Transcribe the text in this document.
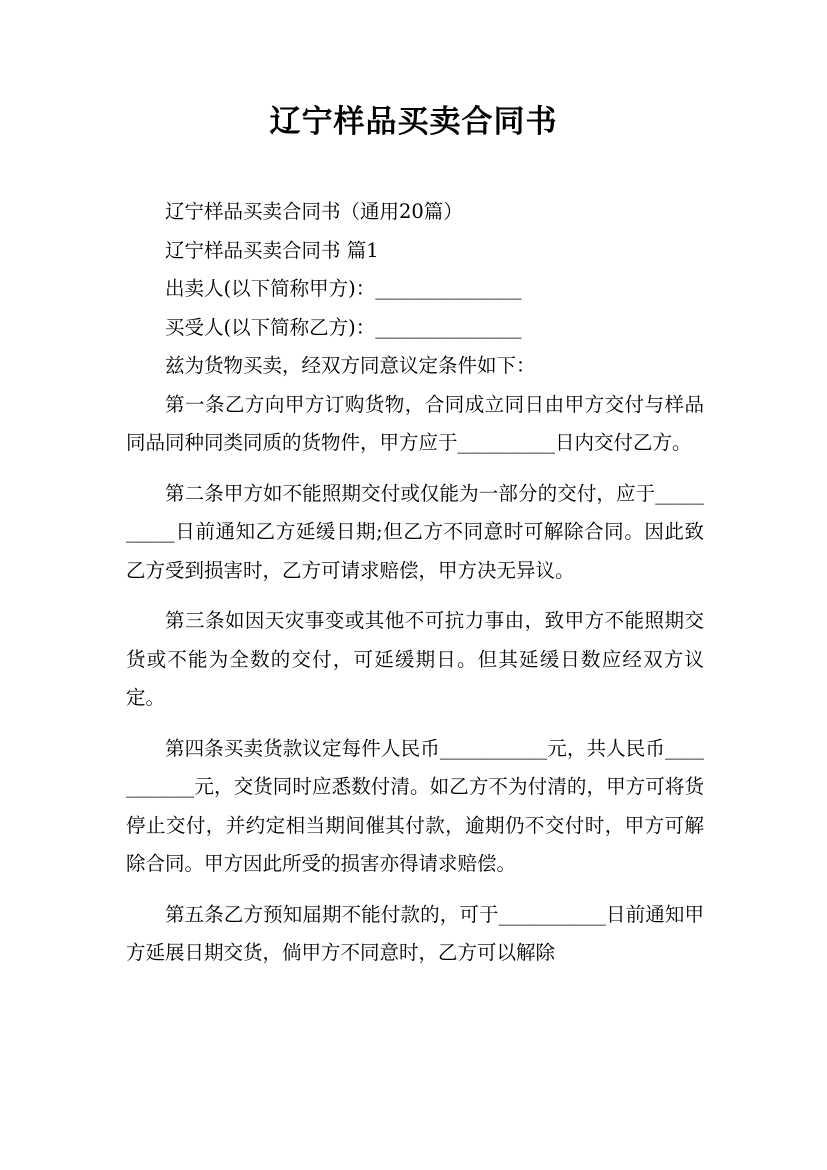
辽宁样品买卖合同书

辽宁样品买卖合同书（通用20篇）

辽宁样品买卖合同书 篇1

出卖人(以下简称甲方)：_______________

买受人(以下简称乙方)：_______________

兹为货物买卖，经双方同意议定条件如下：

第一条乙方向甲方订购货物，合同成立同日由甲方交付与样品同品同种同类同质的货物件，甲方应于__________日内交付乙方。

第二条甲方如不能照期交付或仅能为一部分的交付，应于__________日前通知乙方延缓日期;但乙方不同意时可解除合同。因此致乙方受到损害时，乙方可请求赔偿，甲方决无异议。

第三条如因天灾事变或其他不可抗力事由，致甲方不能照期交货或不能为全数的交付，可延缓期日。但其延缓日数应经双方议定。

第四条买卖货款议定每件人民币___________元，共人民币___________元，交货同时应悉数付清。如乙方不为付清的，甲方可将货停止交付，并约定相当期间催其付款，逾期仍不交付时，甲方可解除合同。甲方因此所受的损害亦得请求赔偿。

第五条乙方预知届期不能付款的，可于___________日前通知甲方延展日期交货，倘甲方不同意时，乙方可以解除
